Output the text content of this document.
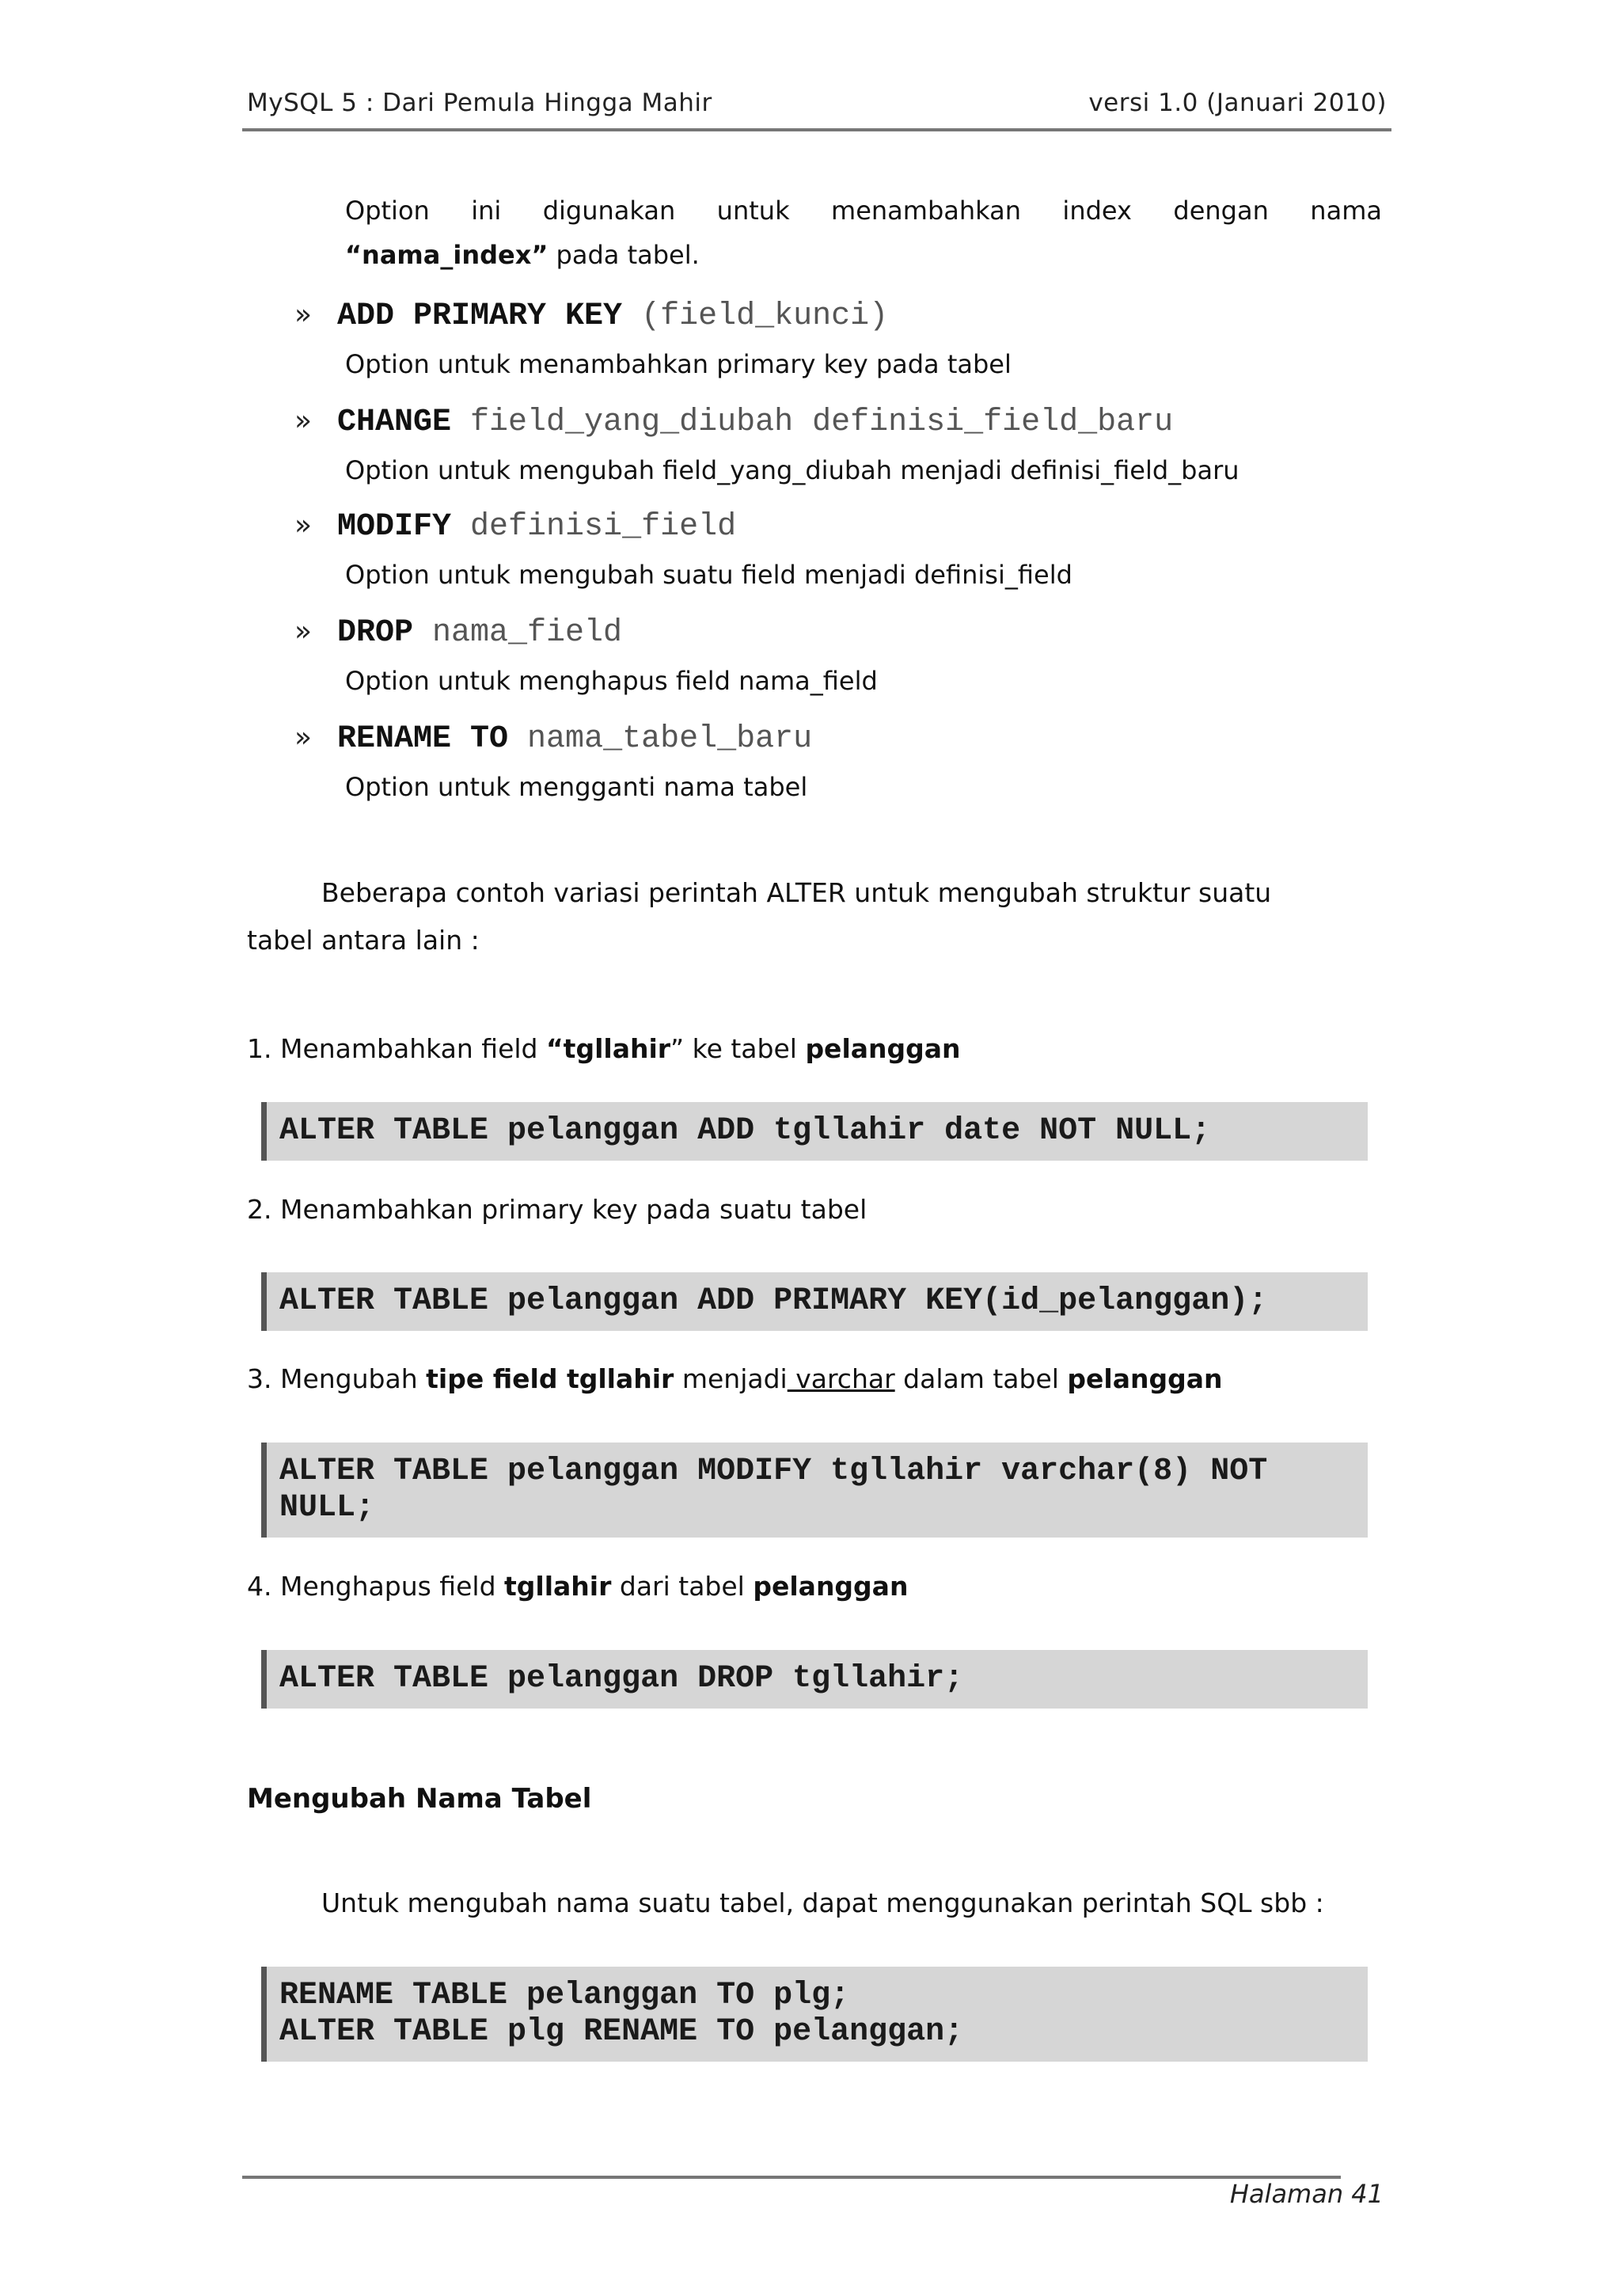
MySQL 5 : Dari Pemula Hingga Mahir	versi 1.0 (Januari 2010)
Option ini digunakan untuk menambahkan index dengan nama
“nama_index” pada tabel.
» ADD PRIMARY KEY (field_kunci)
Option untuk menambahkan primary key pada tabel
» CHANGE field_yang_diubah definisi_field_baru
Option untuk mengubah field_yang_diubah menjadi definisi_field_baru
» MODIFY definisi_field
Option untuk mengubah suatu field menjadi definisi_field
» DROP nama_field
Option untuk menghapus field nama_field
» RENAME TO nama_tabel_baru
Option untuk mengganti nama tabel
Beberapa contoh variasi perintah ALTER untuk mengubah struktur suatu
tabel antara lain :
1. Menambahkan field “tgllahir” ke tabel pelanggan
ALTER TABLE pelanggan ADD tgllahir date NOT NULL;
2. Menambahkan primary key pada suatu tabel
ALTER TABLE pelanggan ADD PRIMARY KEY(id_pelanggan);
3. Mengubah tipe field tgllahir menjadi varchar dalam tabel pelanggan
ALTER TABLE pelanggan MODIFY tgllahir varchar(8) NOT
NULL;
4. Menghapus field tgllahir dari tabel pelanggan
ALTER TABLE pelanggan DROP tgllahir;
Mengubah Nama Tabel
Untuk mengubah nama suatu tabel, dapat menggunakan perintah SQL sbb :
RENAME TABLE pelanggan TO plg;
ALTER TABLE plg RENAME TO pelanggan;
Halaman 41
